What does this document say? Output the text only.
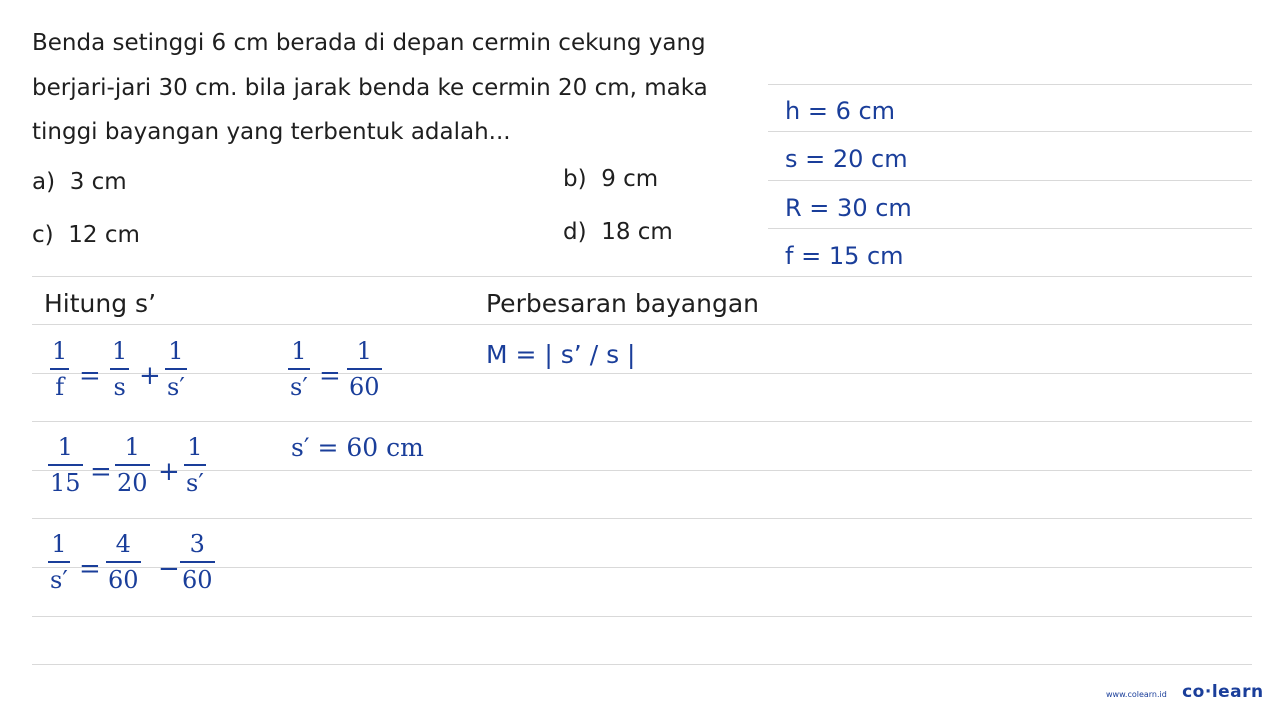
Benda setinggi 6 cm berada di depan cermin cekung yang
berjari-jari 30 cm. bila jarak benda ke cermin 20 cm, maka
tinggi bayangan yang terbentuk adalah...
a) 3 cm	b) 9 cm
c) 12 cm	d) 18 cm
h = 6 cm
s = 20 cm
R = 30 cm
f = 15 cm
Hitung s’	Perbesaran bayangan
1
f =
1
s +
1
s′
1
s′ =
1
60
M = | s’ / s |
1
15 =
1
20 +
1
s′
s′ = 60 cm
1
s′ =
4
60 −
3
60
www.colearn.id co·learn
